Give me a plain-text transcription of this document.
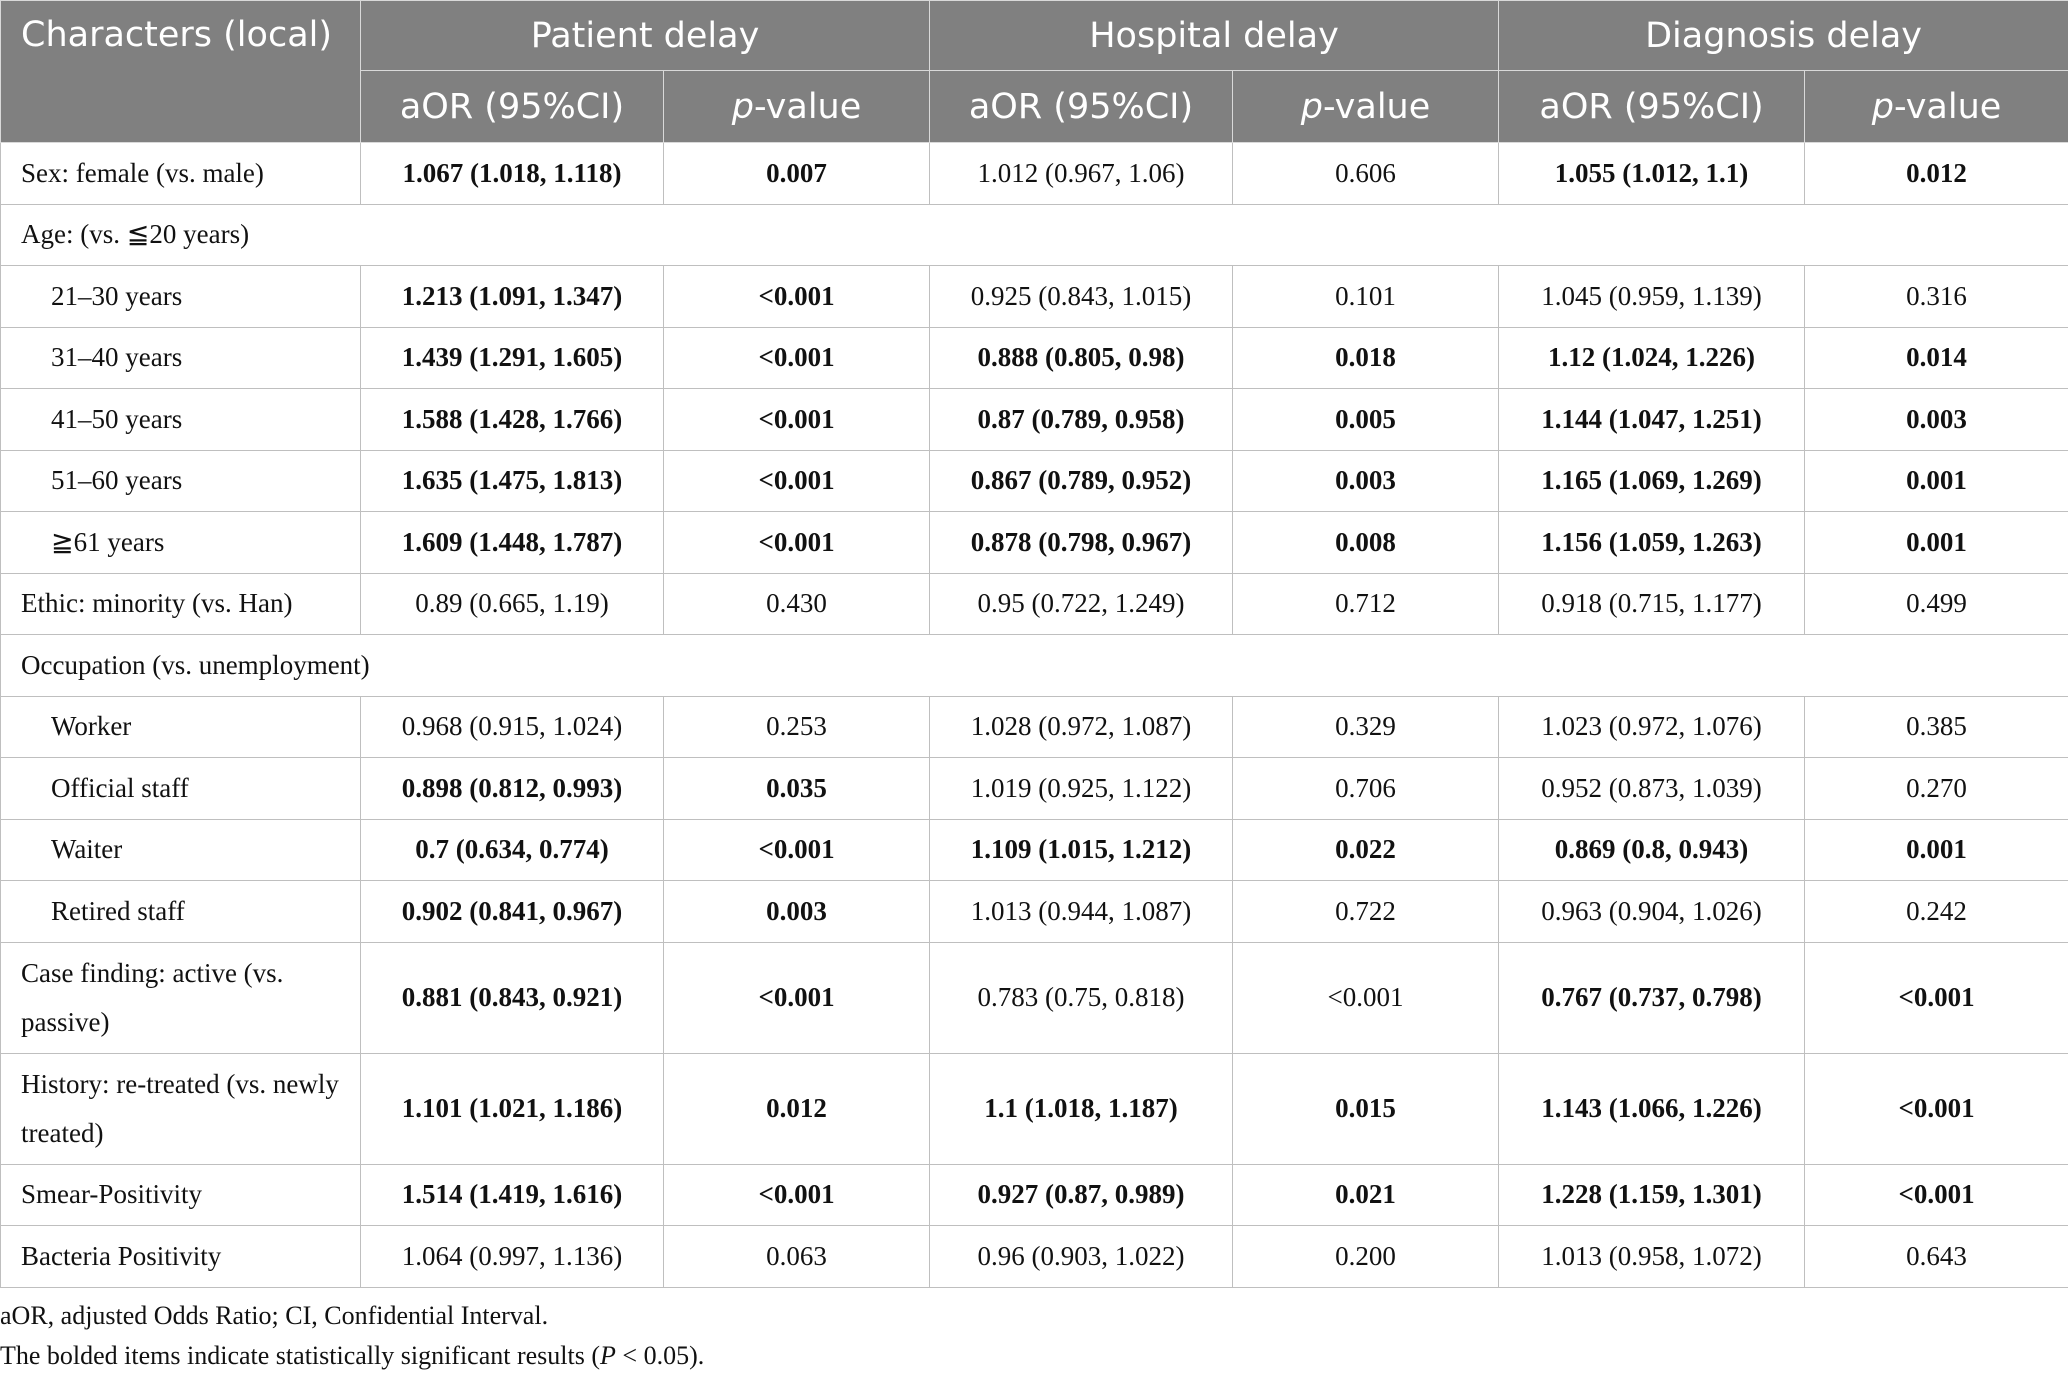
Characters (local)	Patient delay		Hospital delay		Diagnosis delay	
	aOR (95%CI)	p-value	aOR (95%CI)	p-value	aOR (95%CI)	p-value
Sex: female (vs. male)	1.067 (1.018, 1.118)	0.007	1.012 (0.967, 1.06)	0.606	1.055 (1.012, 1.1)	0.012
Age: (vs. ≦20 years)						
21–30 years	1.213 (1.091, 1.347)	<0.001	0.925 (0.843, 1.015)	0.101	1.045 (0.959, 1.139)	0.316
31–40 years	1.439 (1.291, 1.605)	<0.001	0.888 (0.805, 0.98)	0.018	1.12 (1.024, 1.226)	0.014
41–50 years	1.588 (1.428, 1.766)	<0.001	0.87 (0.789, 0.958)	0.005	1.144 (1.047, 1.251)	0.003
51–60 years	1.635 (1.475, 1.813)	<0.001	0.867 (0.789, 0.952)	0.003	1.165 (1.069, 1.269)	0.001
≧61 years	1.609 (1.448, 1.787)	<0.001	0.878 (0.798, 0.967)	0.008	1.156 (1.059, 1.263)	0.001
Ethic: minority (vs. Han)	0.89 (0.665, 1.19)	0.430	0.95 (0.722, 1.249)	0.712	0.918 (0.715, 1.177)	0.499
Occupation (vs. unemployment)						
Worker	0.968 (0.915, 1.024)	0.253	1.028 (0.972, 1.087)	0.329	1.023 (0.972, 1.076)	0.385
Official staff	0.898 (0.812, 0.993)	0.035	1.019 (0.925, 1.122)	0.706	0.952 (0.873, 1.039)	0.270
Waiter	0.7 (0.634, 0.774)	<0.001	1.109 (1.015, 1.212)	0.022	0.869 (0.8, 0.943)	0.001
Retired staff	0.902 (0.841, 0.967)	0.003	1.013 (0.944, 1.087)	0.722	0.963 (0.904, 1.026)	0.242
Case finding: active (vs. passive)	0.881 (0.843, 0.921)	<0.001	0.783 (0.75, 0.818)	<0.001	0.767 (0.737, 0.798)	<0.001
History: re-treated (vs. newly treated)	1.101 (1.021, 1.186)	0.012	1.1 (1.018, 1.187)	0.015	1.143 (1.066, 1.226)	<0.001
Smear-Positivity	1.514 (1.419, 1.616)	<0.001	0.927 (0.87, 0.989)	0.021	1.228 (1.159, 1.301)	<0.001
Bacteria Positivity	1.064 (0.997, 1.136)	0.063	0.96 (0.903, 1.022)	0.200	1.013 (0.958, 1.072)	0.643
aOR, adjusted Odds Ratio; CI, Confidential Interval.
The bolded items indicate statistically significant results (P < 0.05).
